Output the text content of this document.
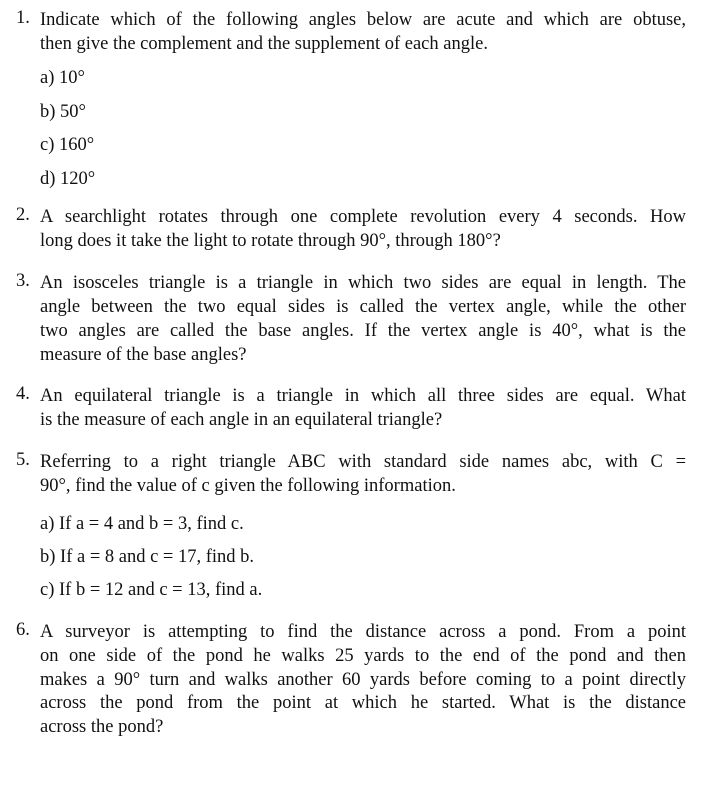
1. Indicate which of the following angles below are acute and which are obtuse,
then give the complement and the supplement of each angle.
a) 10°
b) 50°
c) 160°
d) 120°
2. A searchlight rotates through one complete revolution every 4 seconds. How
long does it take the light to rotate through 90°, through 180°?
3. An isosceles triangle is a triangle in which two sides are equal in length. The
angle between the two equal sides is called the vertex angle, while the other
two angles are called the base angles. If the vertex angle is 40°, what is the
measure of the base angles?
4. An equilateral triangle is a triangle in which all three sides are equal. What
is the measure of each angle in an equilateral triangle?
5. Referring to a right triangle ABC with standard side names abc, with C =
90°, find the value of c given the following information.
a) If a = 4 and b = 3, find c.
b) If a = 8 and c = 17, find b.
c) If b = 12 and c = 13, find a.
6. A surveyor is attempting to find the distance across a pond. From a point
on one side of the pond he walks 25 yards to the end of the pond and then
makes a 90° turn and walks another 60 yards before coming to a point directly
across the pond from the point at which he started. What is the distance
across the pond?
